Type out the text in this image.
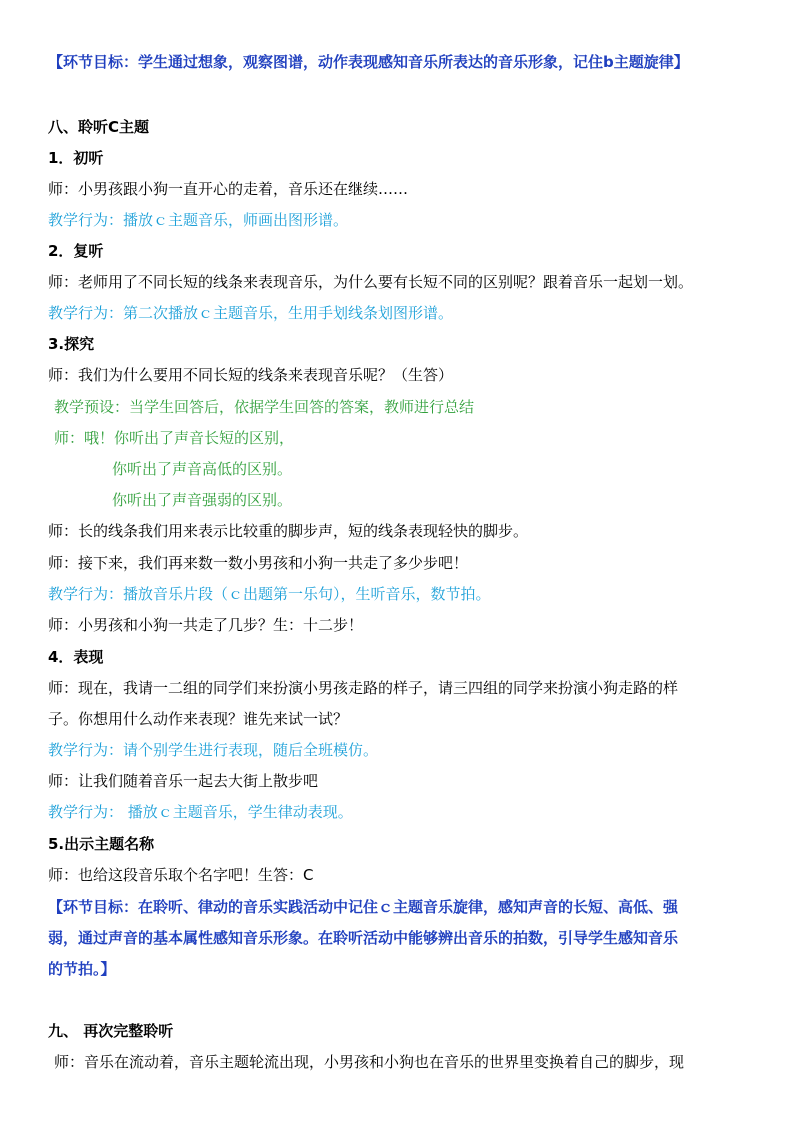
【环节目标：学生通过想象，观察图谱，动作表现感知音乐所表达的音乐形象，记住b主题旋律】

八、聆听C主题

1．初听

师：小男孩跟小狗一直开心的走着，音乐还在继续……

教学行为：播放ｃ主题音乐，师画出图形谱。

2．复听

师：老师用了不同长短的线条来表现音乐，为什么要有长短不同的区别呢？跟着音乐一起划一划。

教学行为：第二次播放ｃ主题音乐，生用手划线条划图形谱。

3.探究

师：我们为什么要用不同长短的线条来表现音乐呢？（生答）

教学预设：当学生回答后，依据学生回答的答案，教师进行总结

师：哦！你听出了声音长短的区别，

你听出了声音高低的区别。

你听出了声音强弱的区别。

师：长的线条我们用来表示比较重的脚步声，短的线条表现轻快的脚步。

师：接下来，我们再来数一数小男孩和小狗一共走了多少步吧！

教学行为：播放音乐片段（ｃ出题第一乐句），生听音乐，数节拍。

师：小男孩和小狗一共走了几步？生：十二步！

4．表现

师：现在，我请一二组的同学们来扮演小男孩走路的样子，请三四组的同学来扮演小狗走路的样

子。你想用什么动作来表现？谁先来试一试？

教学行为：请个别学生进行表现，随后全班模仿。

师：让我们随着音乐一起去大街上散步吧

教学行为： 播放ｃ主题音乐，学生律动表现。

5.出示主题名称

师：也给这段音乐取个名字吧！生答：C

【环节目标：在聆听、律动的音乐实践活动中记住ｃ主题音乐旋律，感知声音的长短、高低、强

弱，通过声音的基本属性感知音乐形象。在聆听活动中能够辨出音乐的拍数，引导学生感知音乐

的节拍。】

九、 再次完整聆听

师：音乐在流动着，音乐主题轮流出现，小男孩和小狗也在音乐的世界里变换着自己的脚步，现
